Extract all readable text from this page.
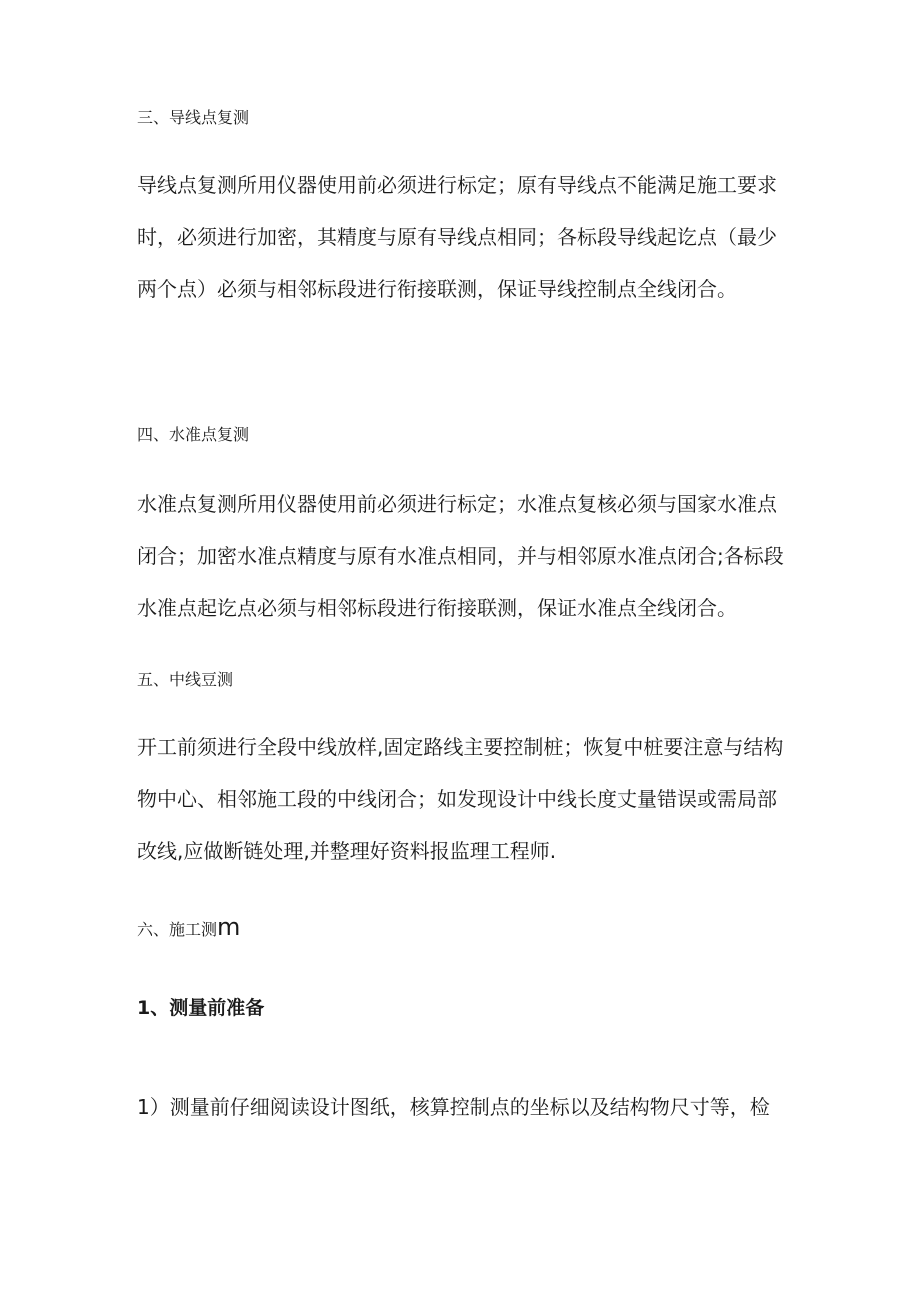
三、导线点复测
导线点复测所用仪器使用前必须进行标定；原有导线点不能满足施工要求
时，必须进行加密，其精度与原有导线点相同；各标段导线起讫点（最少
两个点）必须与相邻标段进行衔接联测，保证导线控制点全线闭合。
四、水准点复测
水准点复测所用仪器使用前必须进行标定；水准点复核必须与国家水准点
闭合；加密水准点精度与原有水准点相同，并与相邻原水准点闭合;各标段
水准点起讫点必须与相邻标段进行衔接联测，保证水准点全线闭合。
五、中线豆测
开工前须进行全段中线放样,固定路线主要控制桩；恢复中桩要注意与结构
物中心、相邻施工段的中线闭合；如发现设计中线长度丈量错误或需局部
改线,应做断链处理,并整理好资料报监理工程师.
六、施工测m
1、测量前准备
1）测量前仔细阅读设计图纸，核算控制点的坐标以及结构物尺寸等，检
